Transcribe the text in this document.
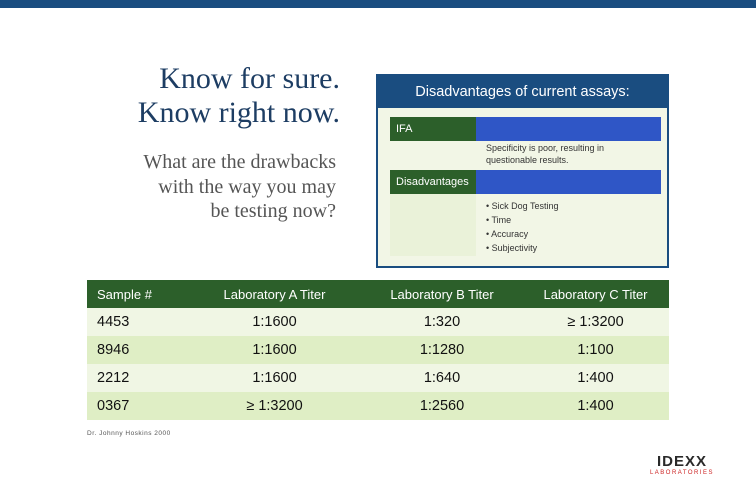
Know for sure.
Know right now.
What are the drawbacks
with the way you may
be testing now?
Disadvantages of current assays:
IFA
Specificity is poor, resulting in
questionable results.
Disadvantages
• Sick Dog Testing
• Time
• Accuracy
• Subjectivity
Sample #	Laboratory A Titer	Laboratory B Titer	Laboratory C Titer
4453	1:1600	1:320	≥ 1:3200
8946	1:1600	1:1280	1:100
2212	1:1600	1:640	1:400
0367	≥ 1:3200	1:2560	1:400
Dr. Johnny Hoskins 2000
IDEXX
LABORATORIES
